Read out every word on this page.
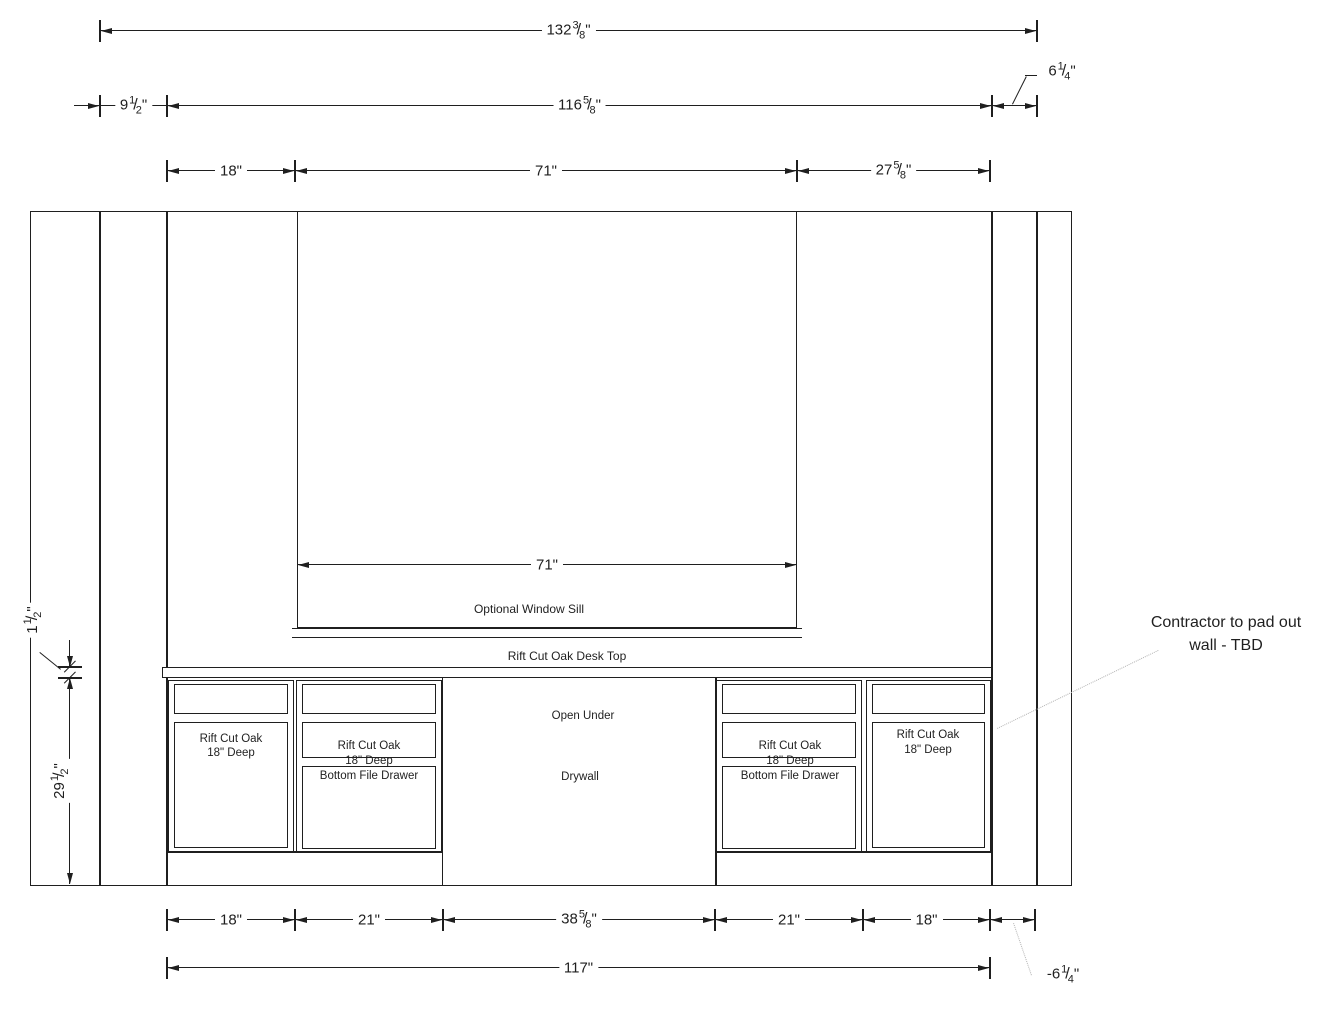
$132^3/_8$"
$9^1/_2$"	$116^5/_8$"
$6^1/_4$"
18"	71"	$27^5/_8$"
71"
Optional Window Sill
Rift Cut Oak Desk Top
Rift Cut Oak
18" Deep
Rift Cut Oak
18" Deep
Bottom File Drawer
Open Under
Drywall
Rift Cut Oak
18" Deep
Bottom File Drawer
Rift Cut Oak
18" Deep
$1^1/_2$"
$29^1/_2$"
Contractor to pad out
wall - TBD
18"	21"	$38^5/_8$"	21"	18"
117"	$-6^1/_4$"
